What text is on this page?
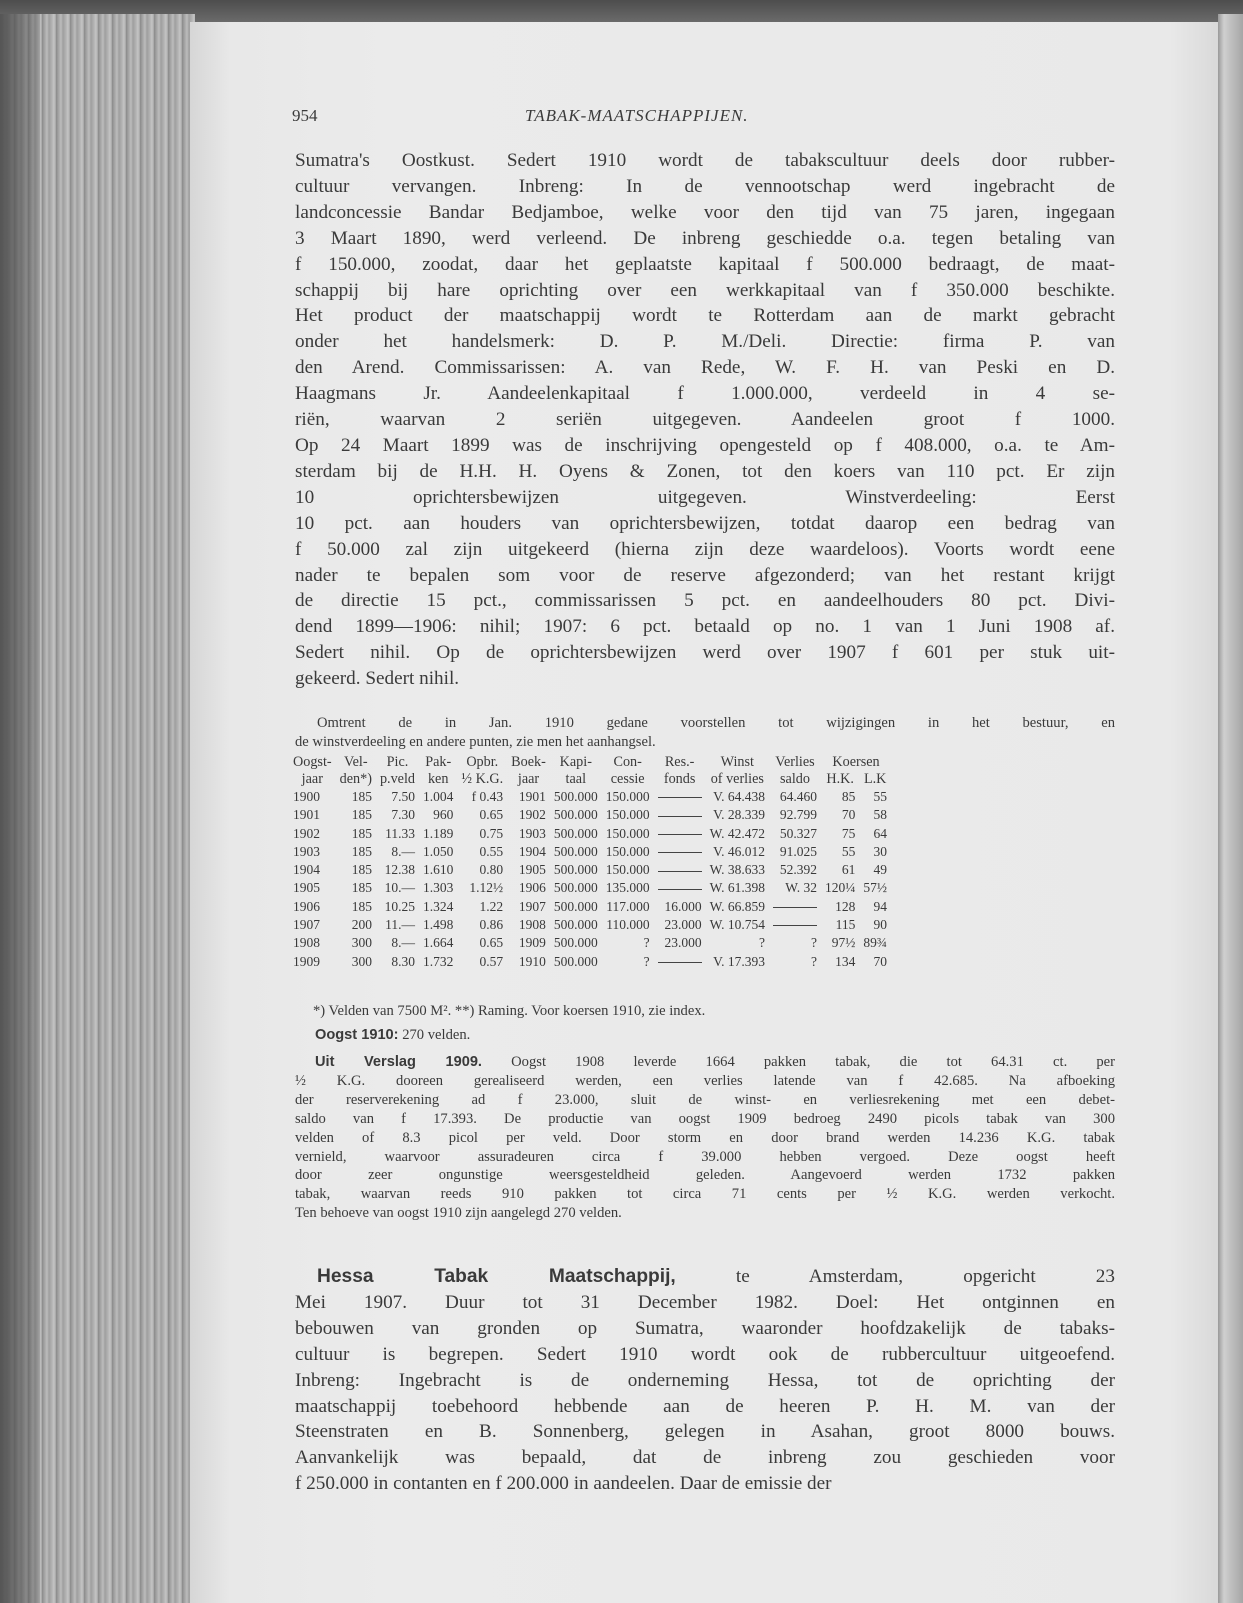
954	TABAK-MAATSCHAPPIJEN.
Sumatra's Oostkust. Sedert 1910 wordt de tabakscultuur deels door rubber-
cultuur vervangen. Inbreng: In de vennootschap werd ingebracht de
landconcessie Bandar Bedjamboe, welke voor den tijd van 75 jaren, ingegaan
3 Maart 1890, werd verleend. De inbreng geschiedde o.a. tegen betaling van
f 150.000, zoodat, daar het geplaatste kapitaal f 500.000 bedraagt, de maat-
schappij bij hare oprichting over een werkkapitaal van f 350.000 beschikte.
Het product der maatschappij wordt te Rotterdam aan de markt gebracht
onder het handelsmerk: D. P. M./Deli. Directie: firma P. van
den Arend. Commissarissen: A. van Rede, W. F. H. van Peski en D.
Haagmans Jr. Aandeelenkapitaal f 1.000.000, verdeeld in 4 se-
riën, waarvan 2 seriën uitgegeven. Aandeelen groot f 1000.
Op 24 Maart 1899 was de inschrijving opengesteld op f 408.000, o.a. te Am-
sterdam bij de H.H. H. Oyens & Zonen, tot den koers van 110 pct. Er zijn
10 oprichtersbewijzen uitgegeven. Winstverdeeling: Eerst
10 pct. aan houders van oprichtersbewijzen, totdat daarop een bedrag van
f 50.000 zal zijn uitgekeerd (hierna zijn deze waardeloos). Voorts wordt eene
nader te bepalen som voor de reserve afgezonderd; van het restant krijgt
de directie 15 pct., commissarissen 5 pct. en aandeelhouders 80 pct. Divi-
dend 1899—1906: nihil; 1907: 6 pct. betaald op no. 1 van 1 Juni 1908 af.
Sedert nihil. Op de oprichtersbewijzen werd over 1907 f 601 per stuk uit-
gekeerd. Sedert nihil.
Omtrent de in Jan. 1910 gedane voorstellen tot wijzigingen in het bestuur, en
de winstverdeeling en andere punten, zie men het aanhangsel.
Oogst-	Vel-	Pic.	Pak-	Opbr.	Boek-	Kapi-	Con-	Res.-	Winst	Verlies	Koersen	
jaar	den*)	p.veld	ken	½ K.G.	jaar	taal	cessie	fonds	of verlies	saldo	H.K.	L.K
1900	185	7.50	1.004	f 0.43	1901	500.000	150.000		V. 64.438	64.460	85	55
1901	185	7.30	960	0.65	1902	500.000	150.000		V. 28.339	92.799	70	58
1902	185	11.33	1.189	0.75	1903	500.000	150.000		W. 42.472	50.327	75	64
1903	185	8.—	1.050	0.55	1904	500.000	150.000		V. 46.012	91.025	55	30
1904	185	12.38	1.610	0.80	1905	500.000	150.000		W. 38.633	52.392	61	49
1905	185	10.—	1.303	1.12½	1906	500.000	135.000		W. 61.398	W. 32	120¼	57½
1906	185	10.25	1.324	1.22	1907	500.000	117.000	16.000	W. 66.859		128	94
1907	200	11.—	1.498	0.86	1908	500.000	110.000	23.000	W. 10.754		115	90
1908	300	8.—	1.664	0.65	1909	500.000	?	23.000	?	?	97½	89¾
1909	300	8.30	1.732	0.57	1910	500.000	?		V. 17.393	?	134	70
*) Velden van 7500 M². **) Raming. Voor koersen 1910, zie index.
Oogst 1910: 270 velden.
Uit Verslag 1909. Oogst 1908 leverde 1664 pakken tabak, die tot 64.31 ct. per
½ K.G. dooreen gerealiseerd werden, een verlies latende van f 42.685. Na afboeking
der reserverekening ad f 23.000, sluit de winst- en verliesrekening met een debet-
saldo van f 17.393. De productie van oogst 1909 bedroeg 2490 picols tabak van 300
velden of 8.3 picol per veld. Door storm en door brand werden 14.236 K.G. tabak
vernield, waarvoor assuradeuren circa f 39.000 hebben vergoed. Deze oogst heeft
door zeer ongunstige weersgesteldheid geleden. Aangevoerd werden 1732 pakken
tabak, waarvan reeds 910 pakken tot circa 71 cents per ½ K.G. werden verkocht.
Ten behoeve van oogst 1910 zijn aangelegd 270 velden.
Hessa Tabak Maatschappij, te Amsterdam, opgericht 23
Mei 1907. Duur tot 31 December 1982. Doel: Het ontginnen en
bebouwen van gronden op Sumatra, waaronder hoofdzakelijk de tabaks-
cultuur is begrepen. Sedert 1910 wordt ook de rubbercultuur uitgeoefend.
Inbreng: Ingebracht is de onderneming Hessa, tot de oprichting der
maatschappij toebehoord hebbende aan de heeren P. H. M. van der
Steenstraten en B. Sonnenberg, gelegen in Asahan, groot 8000 bouws.
Aanvankelijk was bepaald, dat de inbreng zou geschieden voor
f 250.000 in contanten en f 200.000 in aandeelen. Daar de emissie der
